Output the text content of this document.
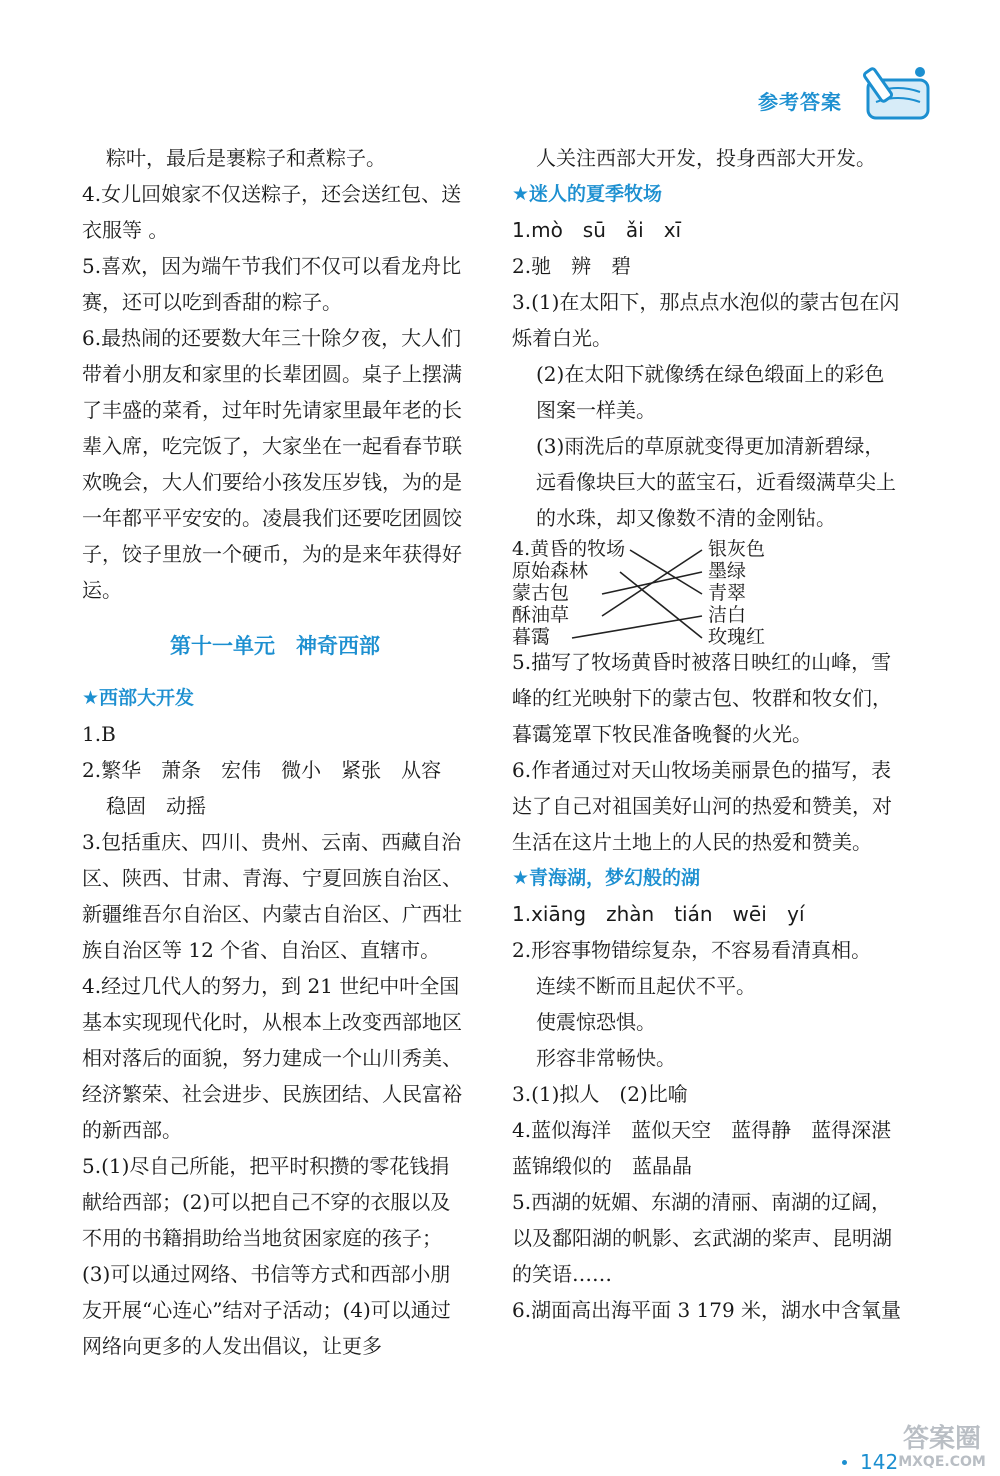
参考答案
粽叶，最后是裹粽子和煮粽子。
4.女儿回娘家不仅送粽子，还会送红包、送衣服等 。
5.喜欢，因为端午节我们不仅可以看龙舟比赛，还可以吃到香甜的粽子。
6.最热闹的还要数大年三十除夕夜，大人们带着小朋友和家里的长辈团圆。桌子上摆满了丰盛的菜肴，过年时先请家里最年老的长辈入席，吃完饭了，大家坐在一起看春节联欢晚会，大人们要给小孩发压岁钱，为的是一年都平平安安的。凌晨我们还要吃团圆饺子，饺子里放一个硬币，为的是来年获得好运。
第十一单元　神奇西部
★西部大开发
1.B
2.繁华　萧条　宏伟　微小　紧张　从容
稳固　动摇
3.包括重庆、四川、贵州、云南、西藏自治区、陕西、甘肃、青海、宁夏回族自治区、新疆维吾尔自治区、内蒙古自治区、广西壮族自治区等 12 个省、自治区、直辖市。
4.经过几代人的努力，到 21 世纪中叶全国基本实现现代化时，从根本上改变西部地区相对落后的面貌，努力建成一个山川秀美、经济繁荣、社会进步、民族团结、人民富裕的新西部。
5.(1)尽自己所能，把平时积攒的零花钱捐献给西部；(2)可以把自己不穿的衣服以及不用的书籍捐助给当地贫困家庭的孩子；(3)可以通过网络、书信等方式和西部小朋友开展“心连心”结对子活动；(4)可以通过网络向更多的人发出倡议，让更多
人关注西部大开发，投身西部大开发。
★迷人的夏季牧场
1.mò　sū　ǎi　xī
2.驰　辨　碧
3.(1)在太阳下，那点点水泡似的蒙古包在闪烁着白光。
(2)在太阳下就像绣在绿色缎面上的彩色图案一样美。
(3)雨洗后的草原就变得更加清新碧绿，远看像块巨大的蓝宝石，近看缀满草尖上的水珠，却又像数不清的金刚钻。
4.黄昏的牧场
原始森林
蒙古包
酥油草
暮霭
银灰色
墨绿
青翠
洁白
玫瑰红
5.描写了牧场黄昏时被落日映红的山峰，雪峰的红光映射下的蒙古包、牧群和牧女们，暮霭笼罩下牧民准备晚餐的火光。
6.作者通过对天山牧场美丽景色的描写，表达了自己对祖国美好山河的热爱和赞美，对生活在这片土地上的人民的热爱和赞美。
★青海湖，梦幻般的湖
1.xiāng　zhàn　tián　wēi yí
2.形容事物错综复杂，不容易看清真相。
连续不断而且起伏不平。
使震惊恐惧。
形容非常畅快。
3.(1)拟人　(2)比喻
4.蓝似海洋　蓝似天空　蓝得静　蓝得深湛　蓝锦缎似的　蓝晶晶
5.西湖的妩媚、东湖的清丽、南湖的辽阔，以及鄱阳湖的帆影、玄武湖的桨声、昆明湖的笑语……
6.湖面高出海平面 3 179 米，湖水中含氧量
142
答案圈
MXQE.COM
